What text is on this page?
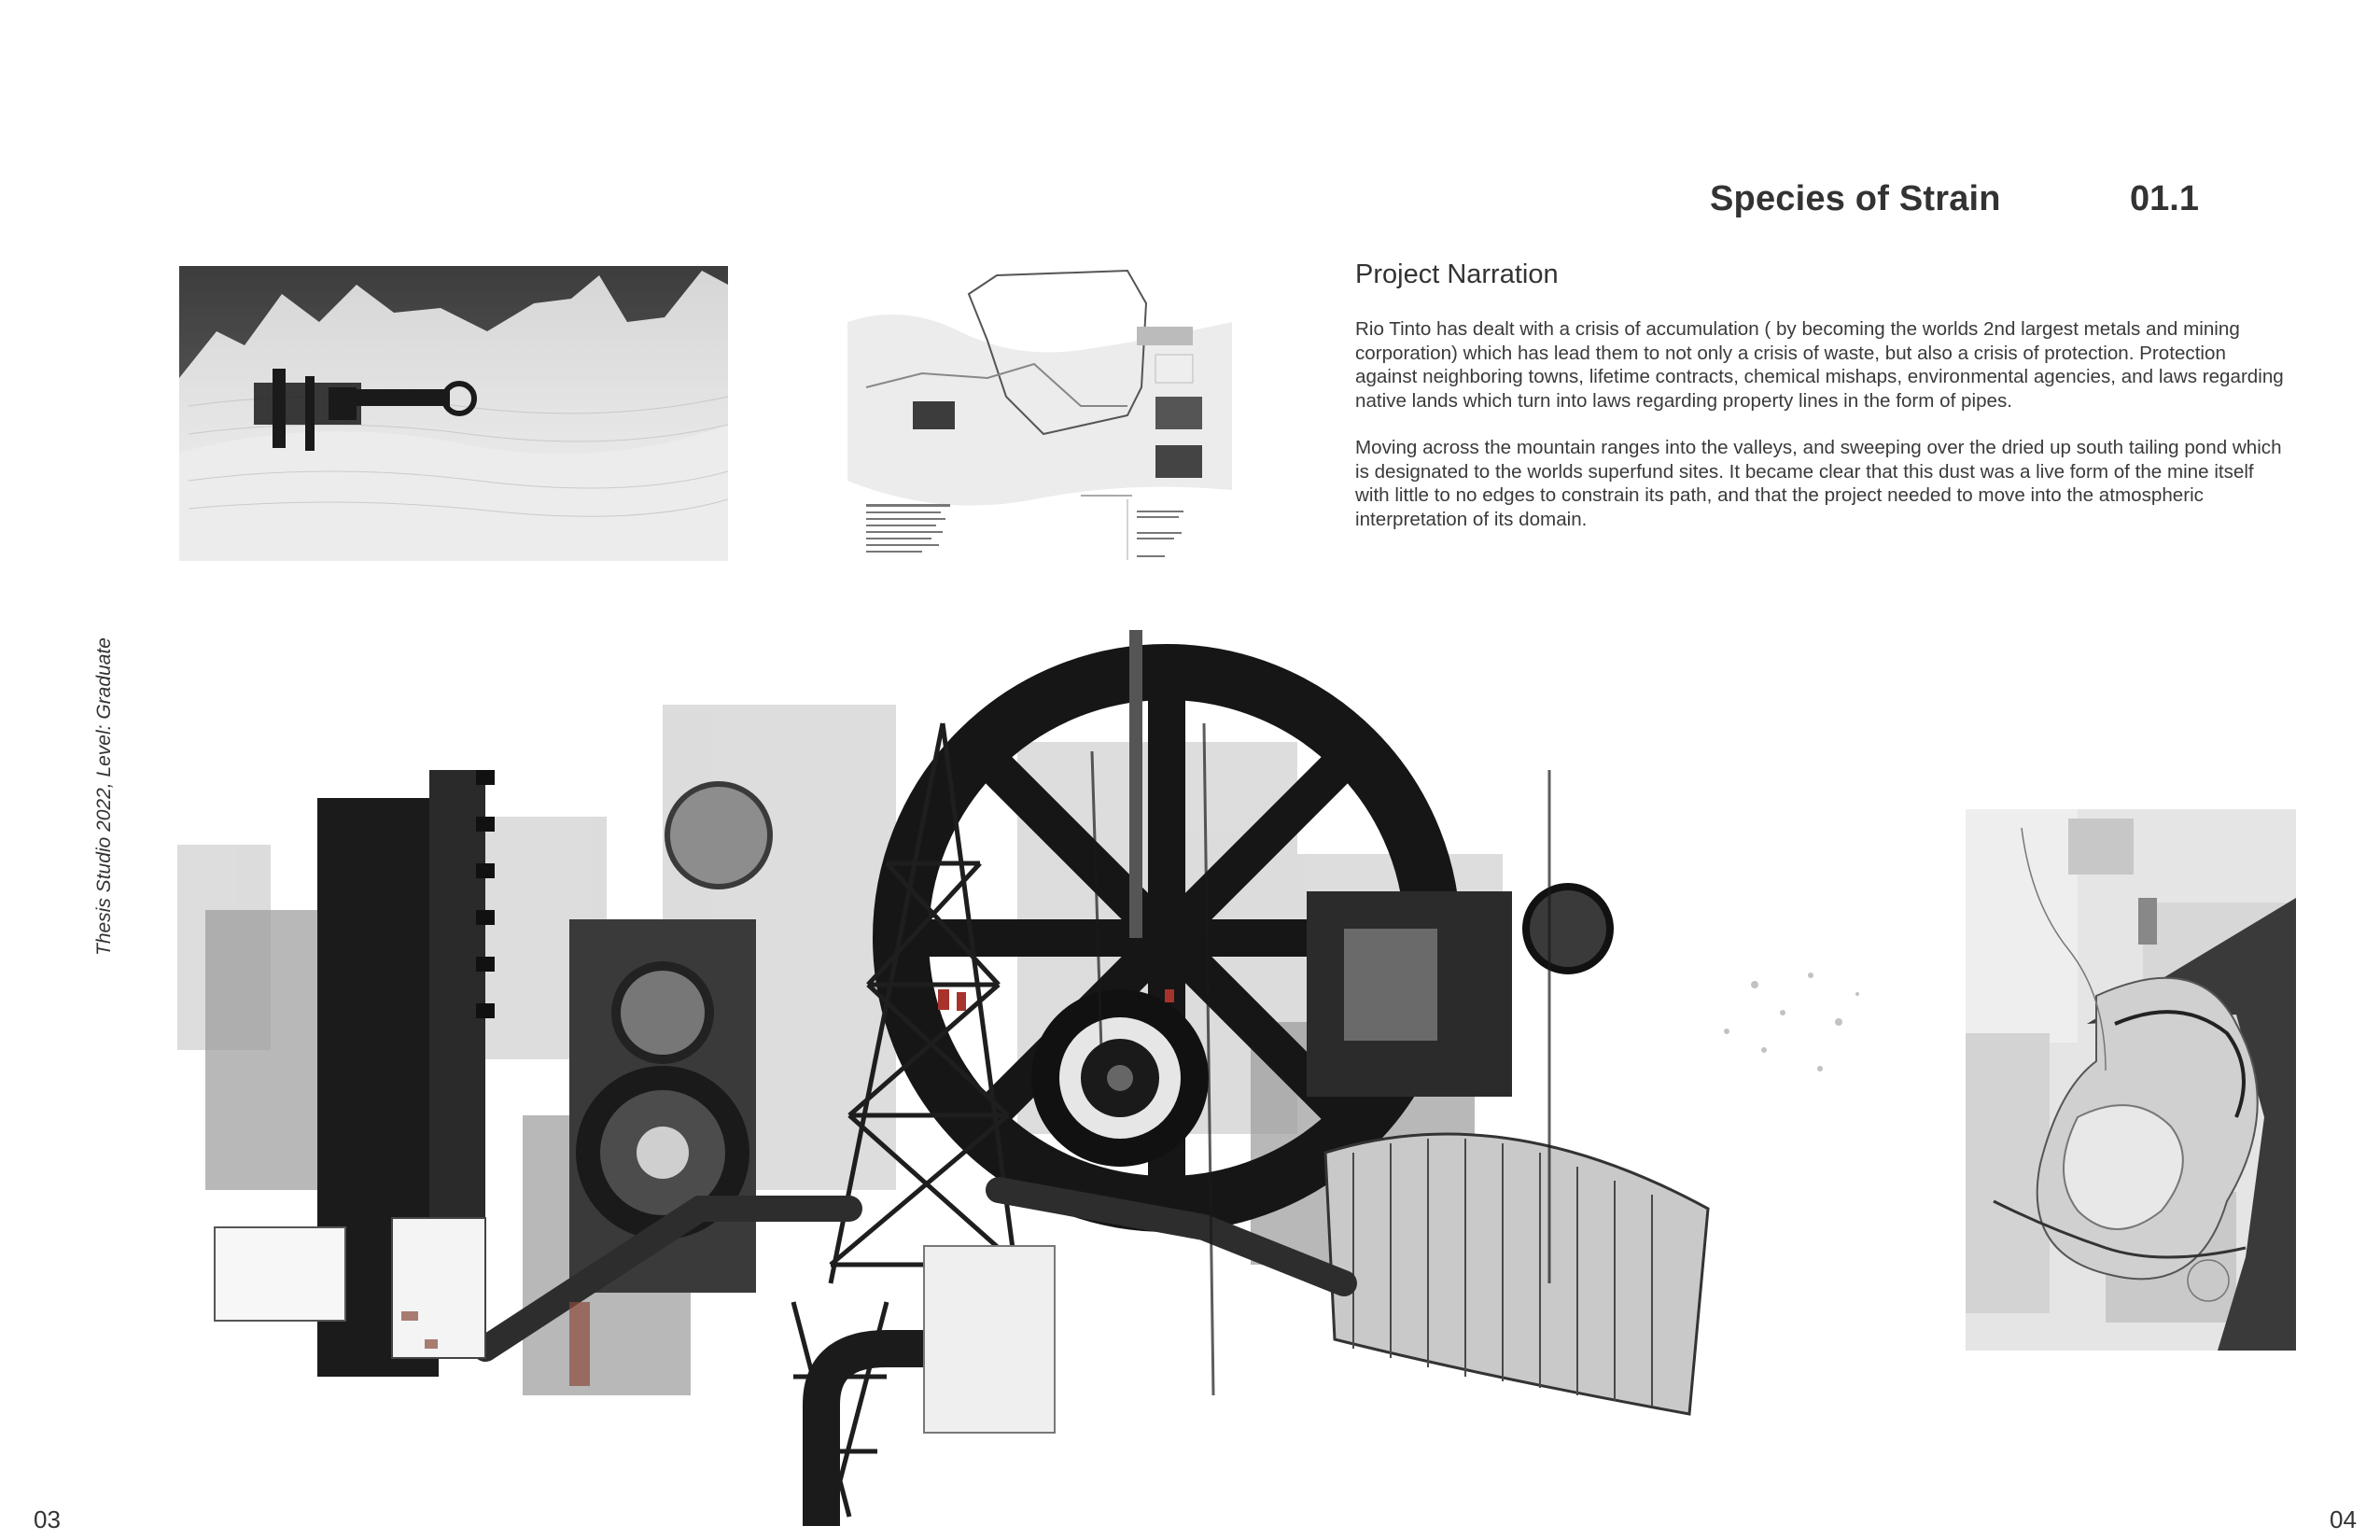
Species of Strain	01.1
Project Narration
Rio Tinto has dealt with a crisis of accumulation ( by becoming the worlds 2nd largest metals and mining corporation) which has lead them to not only a crisis of waste, but also a crisis of protection. Protection against neighboring towns, lifetime contracts, chemical mishaps, environmental agencies, and laws regarding native lands which turn into laws regarding property lines in the form of pipes.
Moving across the mountain ranges into the valleys, and sweeping over the dried up south tailing pond which is designated to the worlds superfund sites. It became clear that this dust was a live form of the mine itself with little to no edges to constrain its path, and that the project needed to move into the atmospheric interpretation of its domain.
Thesis Studio 2022, Level: Graduate
03	04
